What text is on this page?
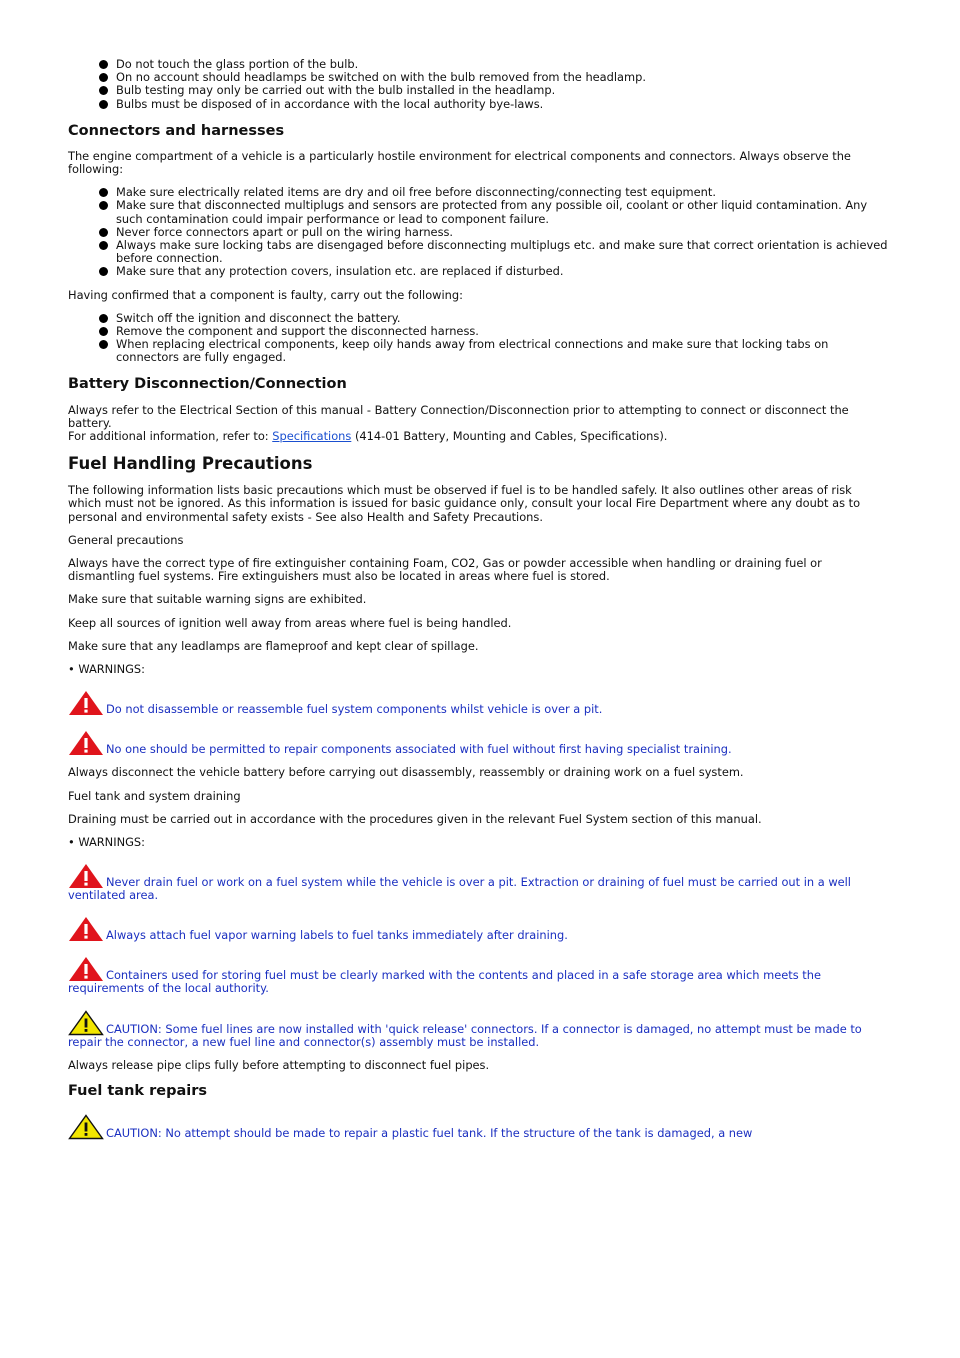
Do not touch the glass portion of the bulb.
On no account should headlamps be switched on with the bulb removed from the headlamp.
Bulb testing may only be carried out with the bulb installed in the headlamp.
Bulbs must be disposed of in accordance with the local authority bye-laws.
Connectors and harnesses

The engine compartment of a vehicle is a particularly hostile environment for electrical components and connectors. Always observe the following:

Make sure electrically related items are dry and oil free before disconnecting/connecting test equipment.
Make sure that disconnected multiplugs and sensors are protected from any possible oil, coolant or other liquid contamination. Any such contamination could impair performance or lead to component failure.
Never force connectors apart or pull on the wiring harness.
Always make sure locking tabs are disengaged before disconnecting multiplugs etc. and make sure that correct orientation is achieved before connection.
Make sure that any protection covers, insulation etc. are replaced if disturbed.

Having confirmed that a component is faulty, carry out the following:

Switch off the ignition and disconnect the battery.
Remove the component and support the disconnected harness.
When replacing electrical components, keep oily hands away from electrical connections and make sure that locking tabs on connectors are fully engaged.
Battery Disconnection/Connection

Always refer to the Electrical Section of this manual - Battery Connection/Disconnection prior to attempting to connect or disconnect the battery.

For additional information, refer to: Specifications (414-01 Battery, Mounting and Cables, Specifications).

Fuel Handling Precautions

The following information lists basic precautions which must be observed if fuel is to be handled safely. It also outlines other areas of risk which must not be ignored. As this information is issued for basic guidance only, consult your local Fire Department where any doubt as to personal and environmental safety exists - See also Health and Safety Precautions.

General precautions

Always have the correct type of fire extinguisher containing Foam, CO2, Gas or powder accessible when handling or draining fuel or dismantling fuel systems. Fire extinguishers must also be located in areas where fuel is stored.

Make sure that suitable warning signs are exhibited.

Keep all sources of ignition well away from areas where fuel is being handled.

Make sure that any leadlamps are flameproof and kept clear of spillage.

• WARNINGS:

Do not disassemble or reassemble fuel system components whilst vehicle is over a pit.

No one should be permitted to repair components associated with fuel without first having specialist training.

Always disconnect the vehicle battery before carrying out disassembly, reassembly or draining work on a fuel system.

Fuel tank and system draining

Draining must be carried out in accordance with the procedures given in the relevant Fuel System section of this manual.

• WARNINGS:

Never drain fuel or work on a fuel system while the vehicle is over a pit. Extraction or draining of fuel must be carried out in a well ventilated area.

Always attach fuel vapor warning labels to fuel tanks immediately after draining.

Containers used for storing fuel must be clearly marked with the contents and placed in a safe storage area which meets the requirements of the local authority.

CAUTION: Some fuel lines are now installed with 'quick release' connectors. If a connector is damaged, no attempt must be made to repair the connector, a new fuel line and connector(s) assembly must be installed.

Always release pipe clips fully before attempting to disconnect fuel pipes.

Fuel tank repairs

CAUTION: No attempt should be made to repair a plastic fuel tank. If the structure of the tank is damaged, a new
